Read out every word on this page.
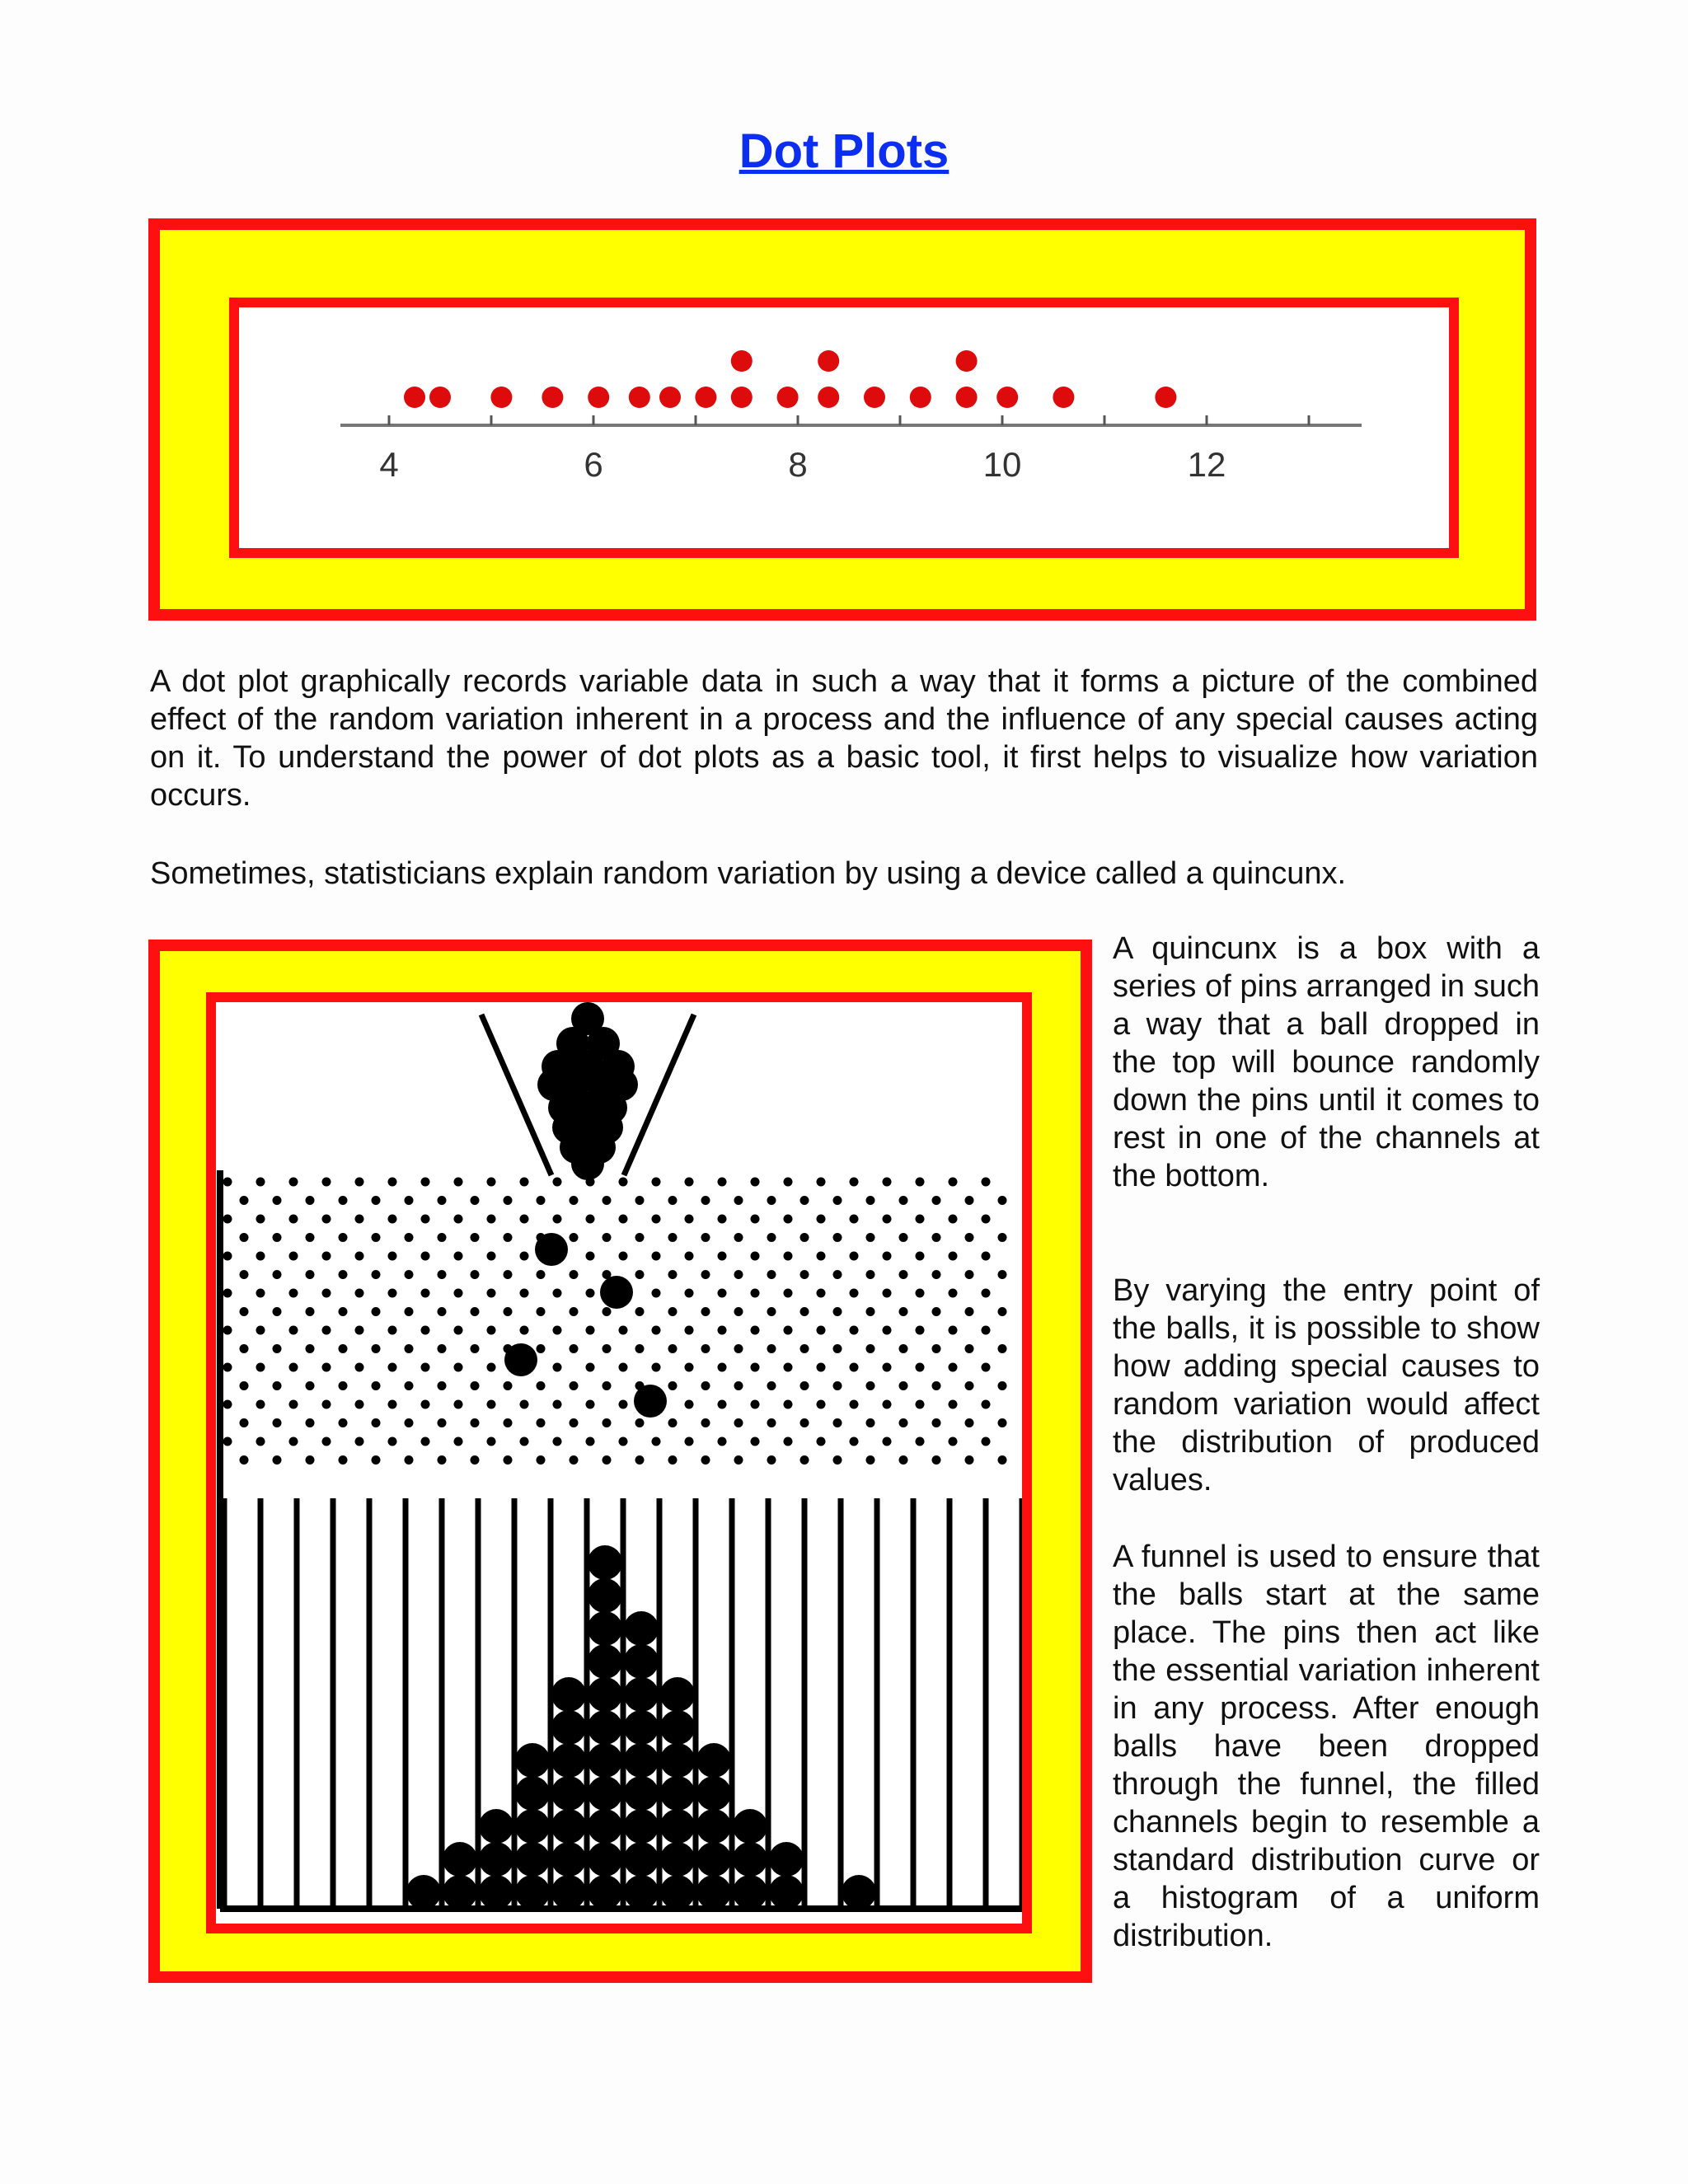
Dot Plots
4	6	8	10	12

A dot plot graphically records variable data in such a way that it forms a picture of the combined effect of the random variation inherent in a process and the influence of any special causes acting on it. To understand the power of dot plots as a basic tool, it first helps to visualize how variation occurs.

Sometimes, statisticians explain random variation by using a device called a quincunx.

A quincunx is a box with a series of pins arranged in such a way that a ball dropped in the top will bounce randomly down the pins until it comes to rest in one of the channels at the bottom.

By varying the entry point of the balls, it is possible to show how adding special causes to random variation would affect the distribution of produced values.

A funnel is used to ensure that the balls start at the same place. The pins then act like the essential variation inherent in any process. After enough balls have been dropped through the funnel, the filled channels begin to resemble a standard distribution curve or a histogram of a uniform distribution.
